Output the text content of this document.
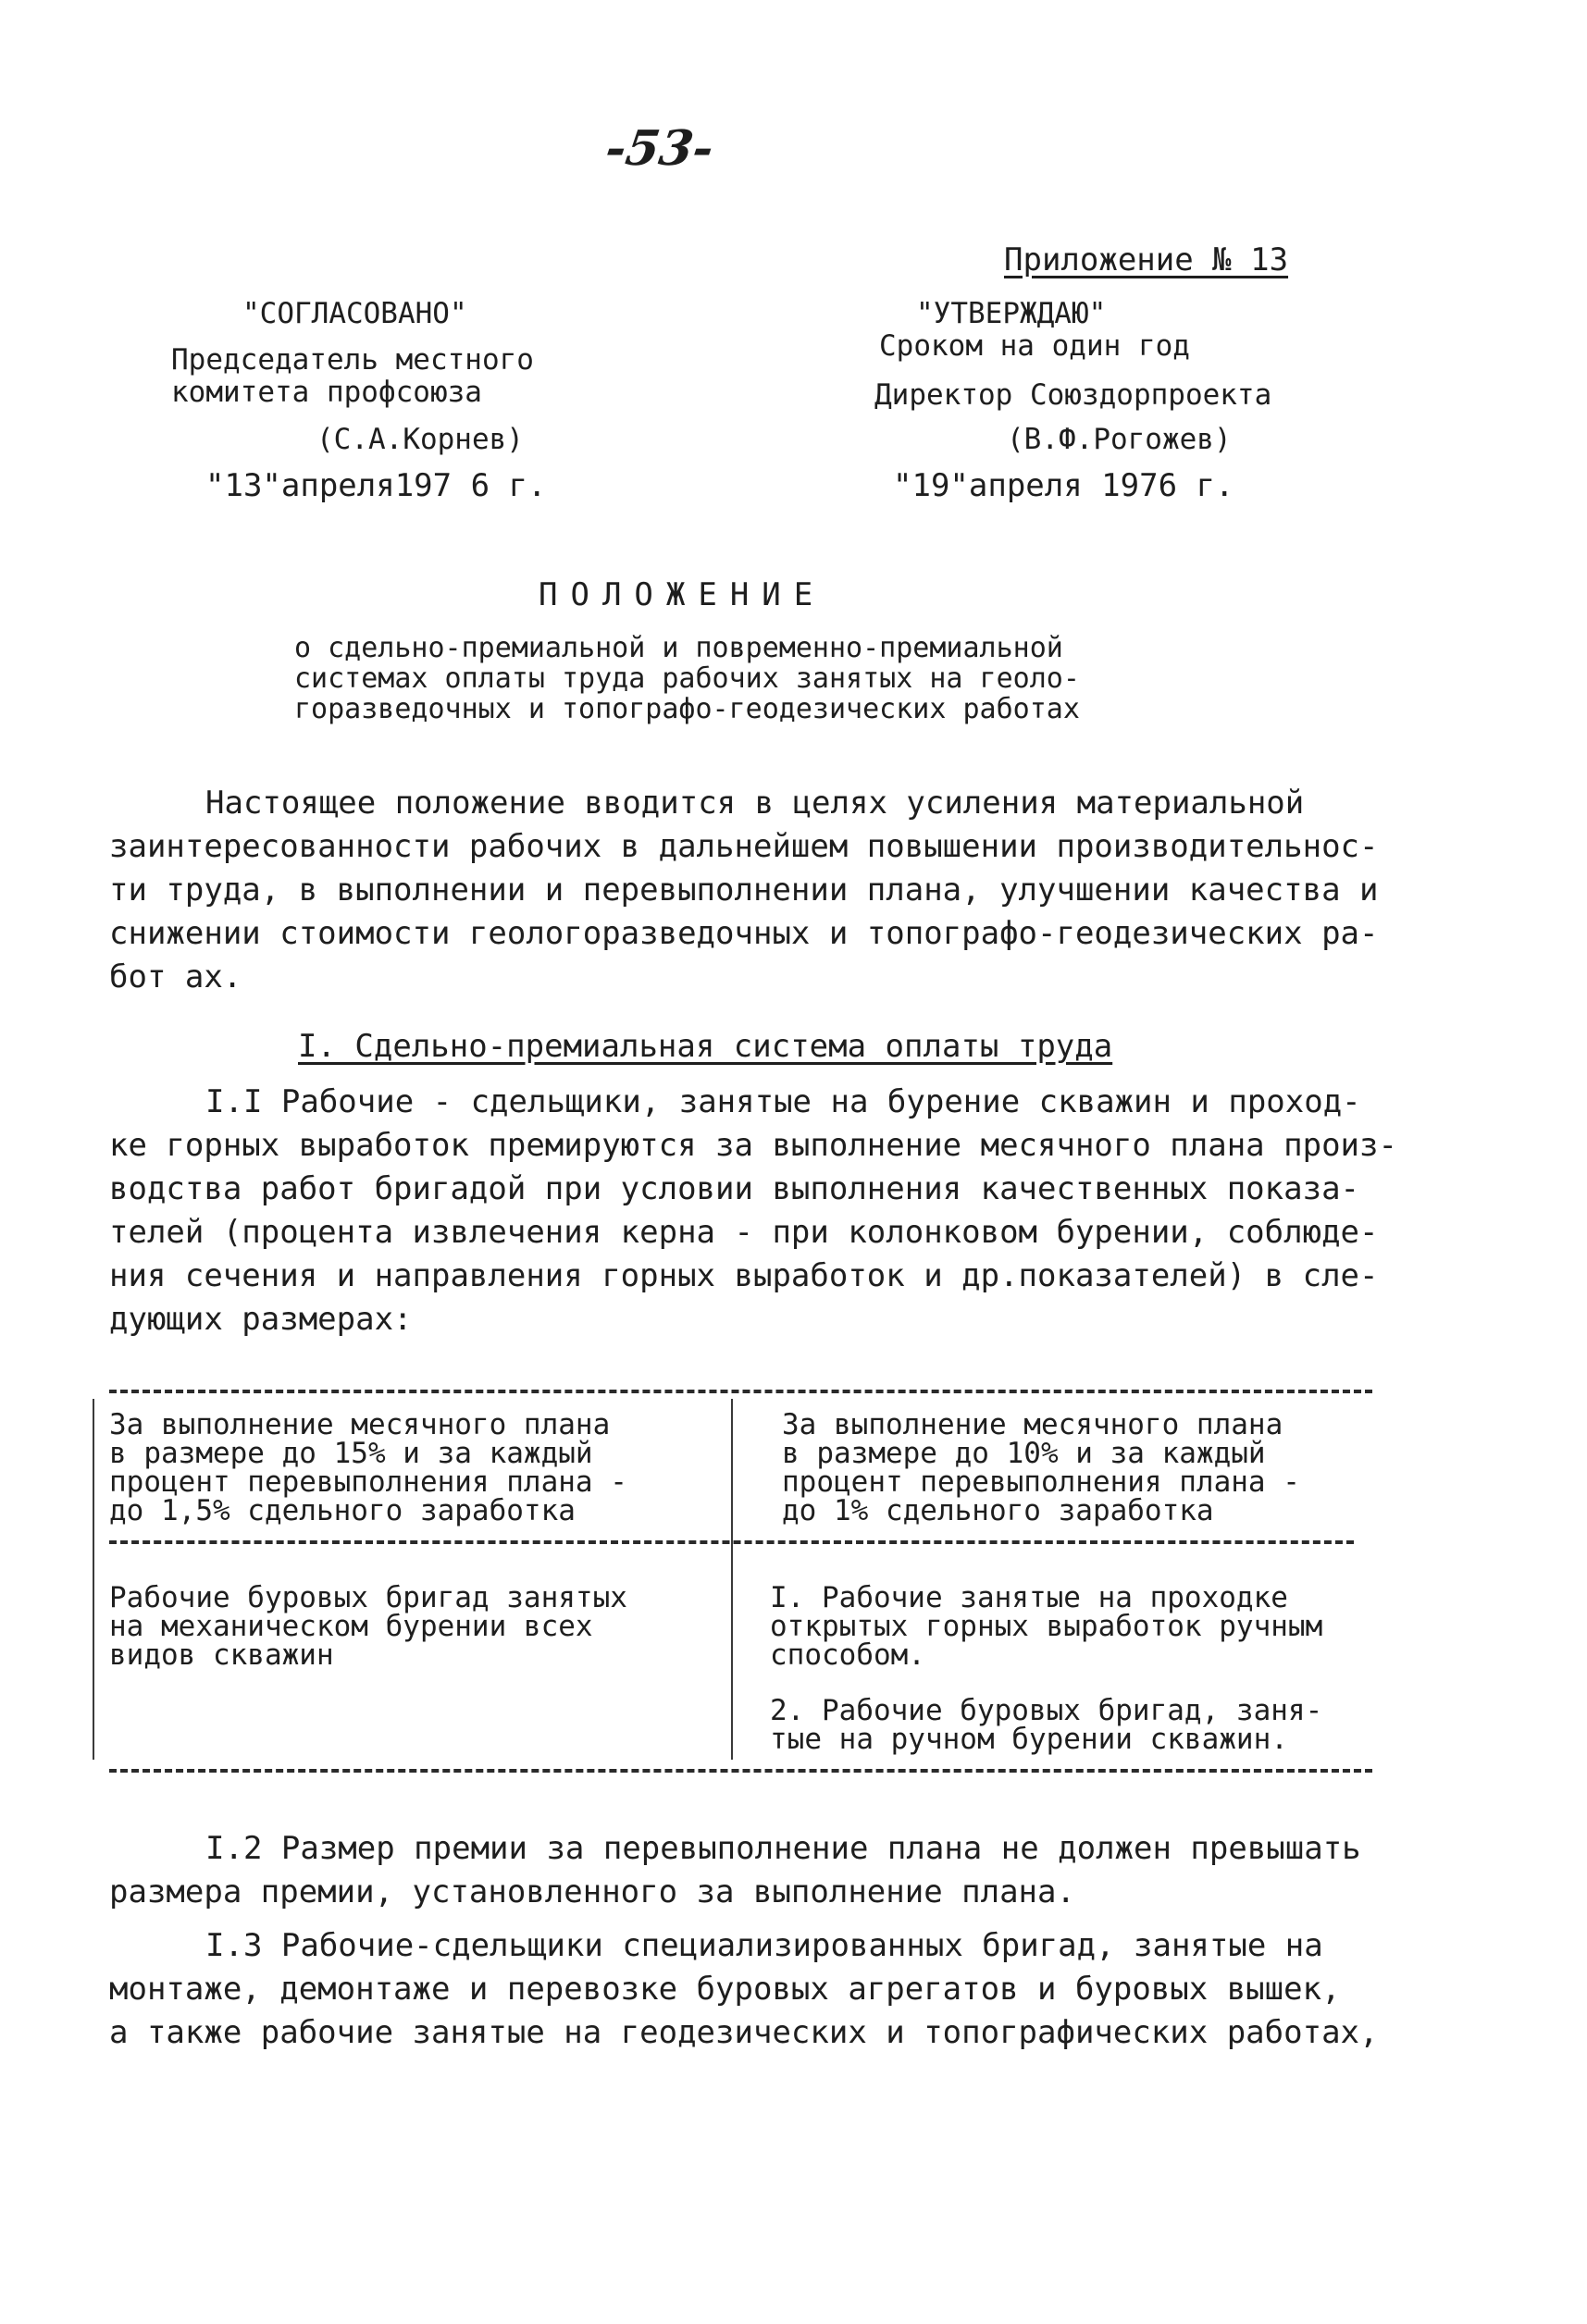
-53-
Приложение № 13
"СОГЛАСОВАНО"
Председатель местного
комитета профсоюза
(С.А.Корнев)
"13"апреля197 6 г.
"УТВЕРЖДАЮ"
Сроком на один год
Директор Союздорпроекта
(В.Ф.Рогожев)
"19"апреля 1976 г.
ПОЛОЖЕНИЕ
о сдельно-премиальной и повременно-премиальной
системах оплаты труда рабочих занятых на геоло-
горазведочных и топографо-геодезических работах
Настоящее положение вводится в целях усиления материальной
заинтересованности рабочих в дальнейшем повышении производительнос-
ти труда, в выполнении и перевыполнении плана, улучшении качества и
снижении стоимости геологоразведочных и топографо-геодезических ра-
бот ах.
I. Сдельно-премиальная система оплаты труда
I.I Рабочие - сдельщики, занятые на бурение скважин и проход-
ке горных выработок премируются за выполнение месячного плана произ-
водства работ бригадой при условии выполнения качественных показа-
телей (процента извлечения керна - при колонковом бурении, соблюде-
ния сечения и направления горных выработок и др.показателей) в сле-
дующих размерах:
За выполнение месячного плана
в размере до 15% и за каждый
процент перевыполнения плана -
до 1,5% сдельного заработка
За выполнение месячного плана
в размере до 10% и за каждый
процент перевыполнения плана -
до 1% сдельного заработка
Рабочие буровых бригад занятых
на механическом бурении всех
видов скважин
I. Рабочие занятые на проходке
открытых горных выработок ручным
способом.
2. Рабочие буровых бригад, заня-
тые на ручном бурении скважин.
I.2 Размер премии за перевыполнение плана не должен превышать
размера премии, установленного за выполнение плана.
I.3 Рабочие-сдельщики специализированных бригад, занятые на
монтаже, демонтаже и перевозке буровых агрегатов и буровых вышек,
а также рабочие занятые на геодезических и топографических работах,
